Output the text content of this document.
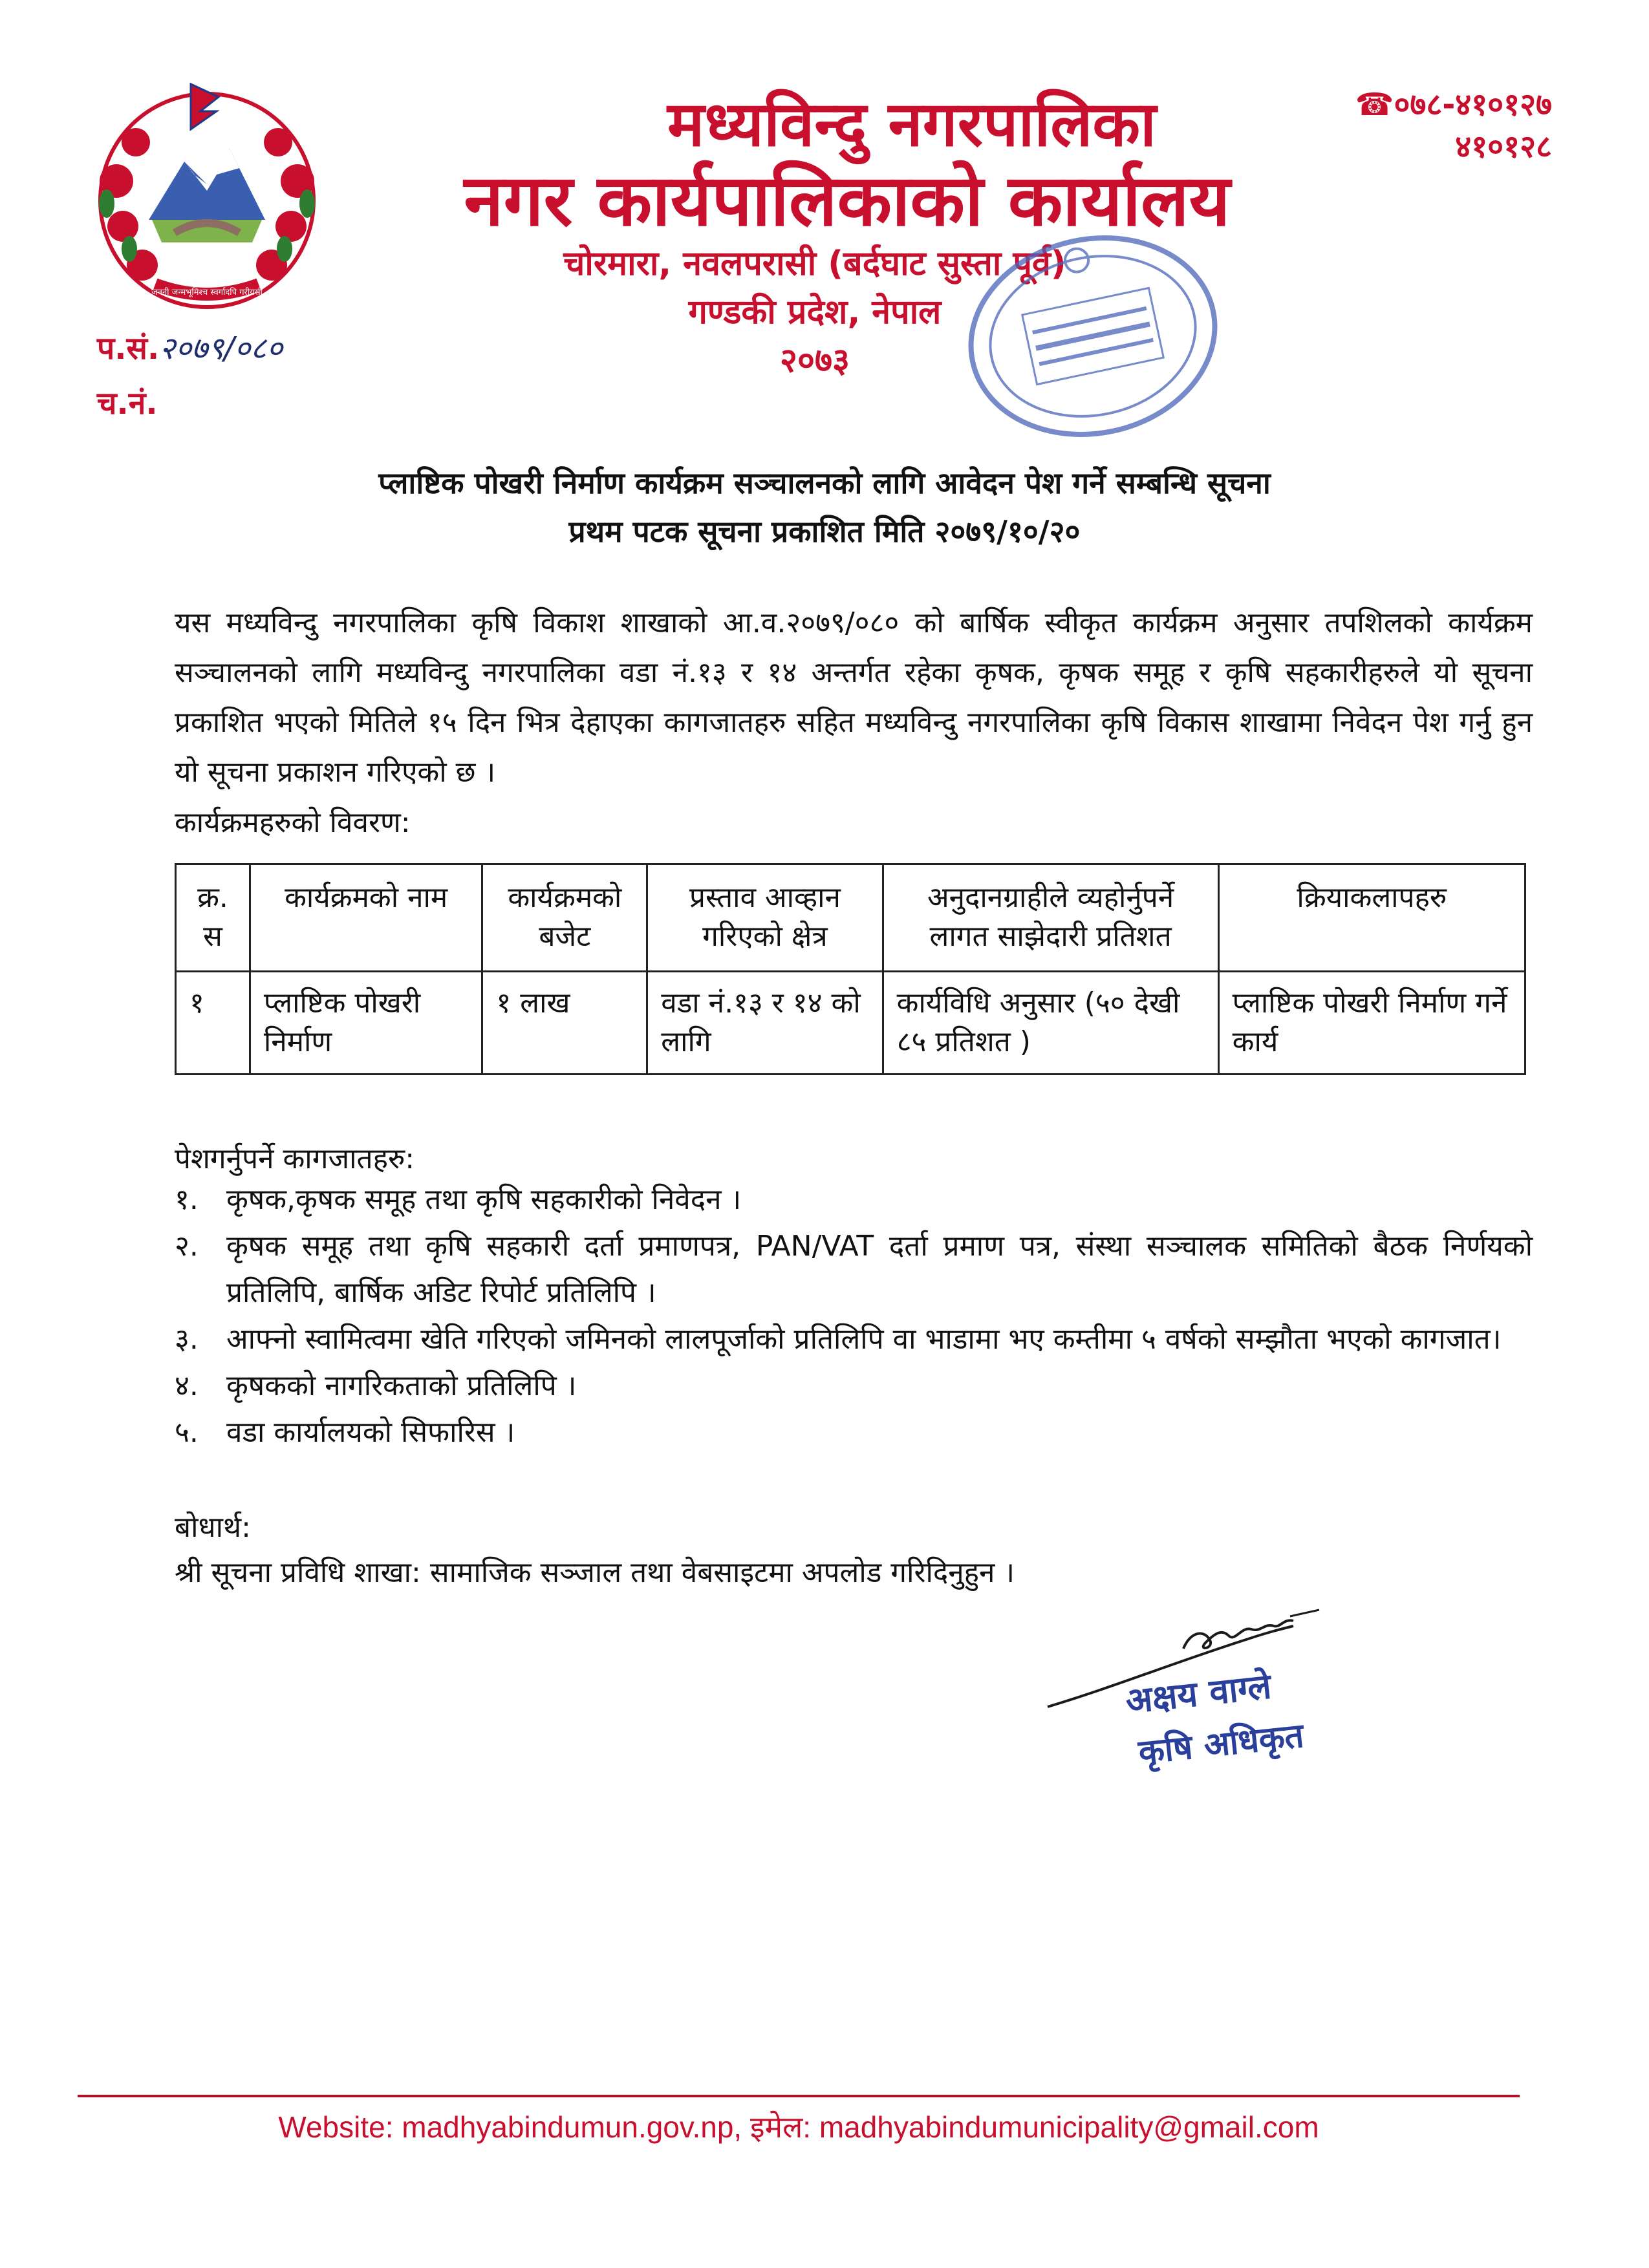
जननी जन्मभूमिश्च स्वर्गादपि गरीयसी
मध्यविन्दु नगरपालिका
नगर कार्यपालिकाको कार्यालय
चोरमारा, नवलपरासी (बर्दघाट सुस्ता पूर्व)
गण्डकी प्रदेश, नेपाल
२०७३
☎०७८-४१०१२७
४१०१२८
प.सं.२०७९/०८०
च.नं.
प्लाष्टिक पोखरी निर्माण कार्यक्रम सञ्चालनको लागि आवेदन पेश गर्ने सम्बन्धि सूचना
प्रथम पटक सूचना प्रकाशित मिति २०७९/१०/२०
यस मध्यविन्दु नगरपालिका कृषि विकाश शाखाको आ.व.२०७९/०८० को बार्षिक स्वीकृत कार्यक्रम अनुसार तपशिलको कार्यक्रम सञ्चालनको लागि मध्यविन्दु नगरपालिका वडा नं.१३ र १४ अन्तर्गत रहेका कृषक, कृषक समूह र कृषि सहकारीहरुले यो सूचना प्रकाशित भएको मितिले १५ दिन भित्र देहाएका कागजातहरु सहित मध्यविन्दु नगरपालिका कृषि विकास शाखामा निवेदन पेश गर्नु हुन यो सूचना प्रकाशन गरिएको छ ।
कार्यक्रमहरुको विवरण:
क्र. स	कार्यक्रमको नाम	कार्यक्रमको बजेट	प्रस्ताव आव्हान गरिएको क्षेत्र	अनुदानग्राहीले व्यहोर्नुपर्ने लागत साझेदारी प्रतिशत	क्रियाकलापहरु
१	प्लाष्टिक पोखरी निर्माण	१ लाख	वडा नं.१३ र १४ को लागि	कार्यविधि अनुसार (५० देखी ८५ प्रतिशत )	प्लाष्टिक पोखरी निर्माण गर्ने कार्य
पेशगर्नुपर्ने कागजातहरु:
१. कृषक,कृषक समूह तथा कृषि सहकारीको निवेदन ।
२. कृषक समूह तथा कृषि सहकारी दर्ता प्रमाणपत्र, PAN/VAT दर्ता प्रमाण पत्र, संस्था सञ्चालक समितिको बैठक निर्णयको प्रतिलिपि, बार्षिक अडिट रिपोर्ट प्रतिलिपि ।
३. आफ्नो स्वामित्वमा खेति गरिएको जमिनको लालपूर्जाको प्रतिलिपि वा भाडामा भए कम्तीमा ५ वर्षको सम्झौता भएको कागजात।
४. कृषकको नागरिकताको प्रतिलिपि ।
५. वडा कार्यालयको सिफारिस ।
बोधार्थ:
श्री सूचना प्रविधि शाखा: सामाजिक सञ्जाल तथा वेबसाइटमा अपलोड गरिदिनुहुन ।
अक्षय वाग्ले
कृषि अधिकृत
Website: madhyabindumun.gov.np, इमेल: madhyabindumunicipality@gmail.com
